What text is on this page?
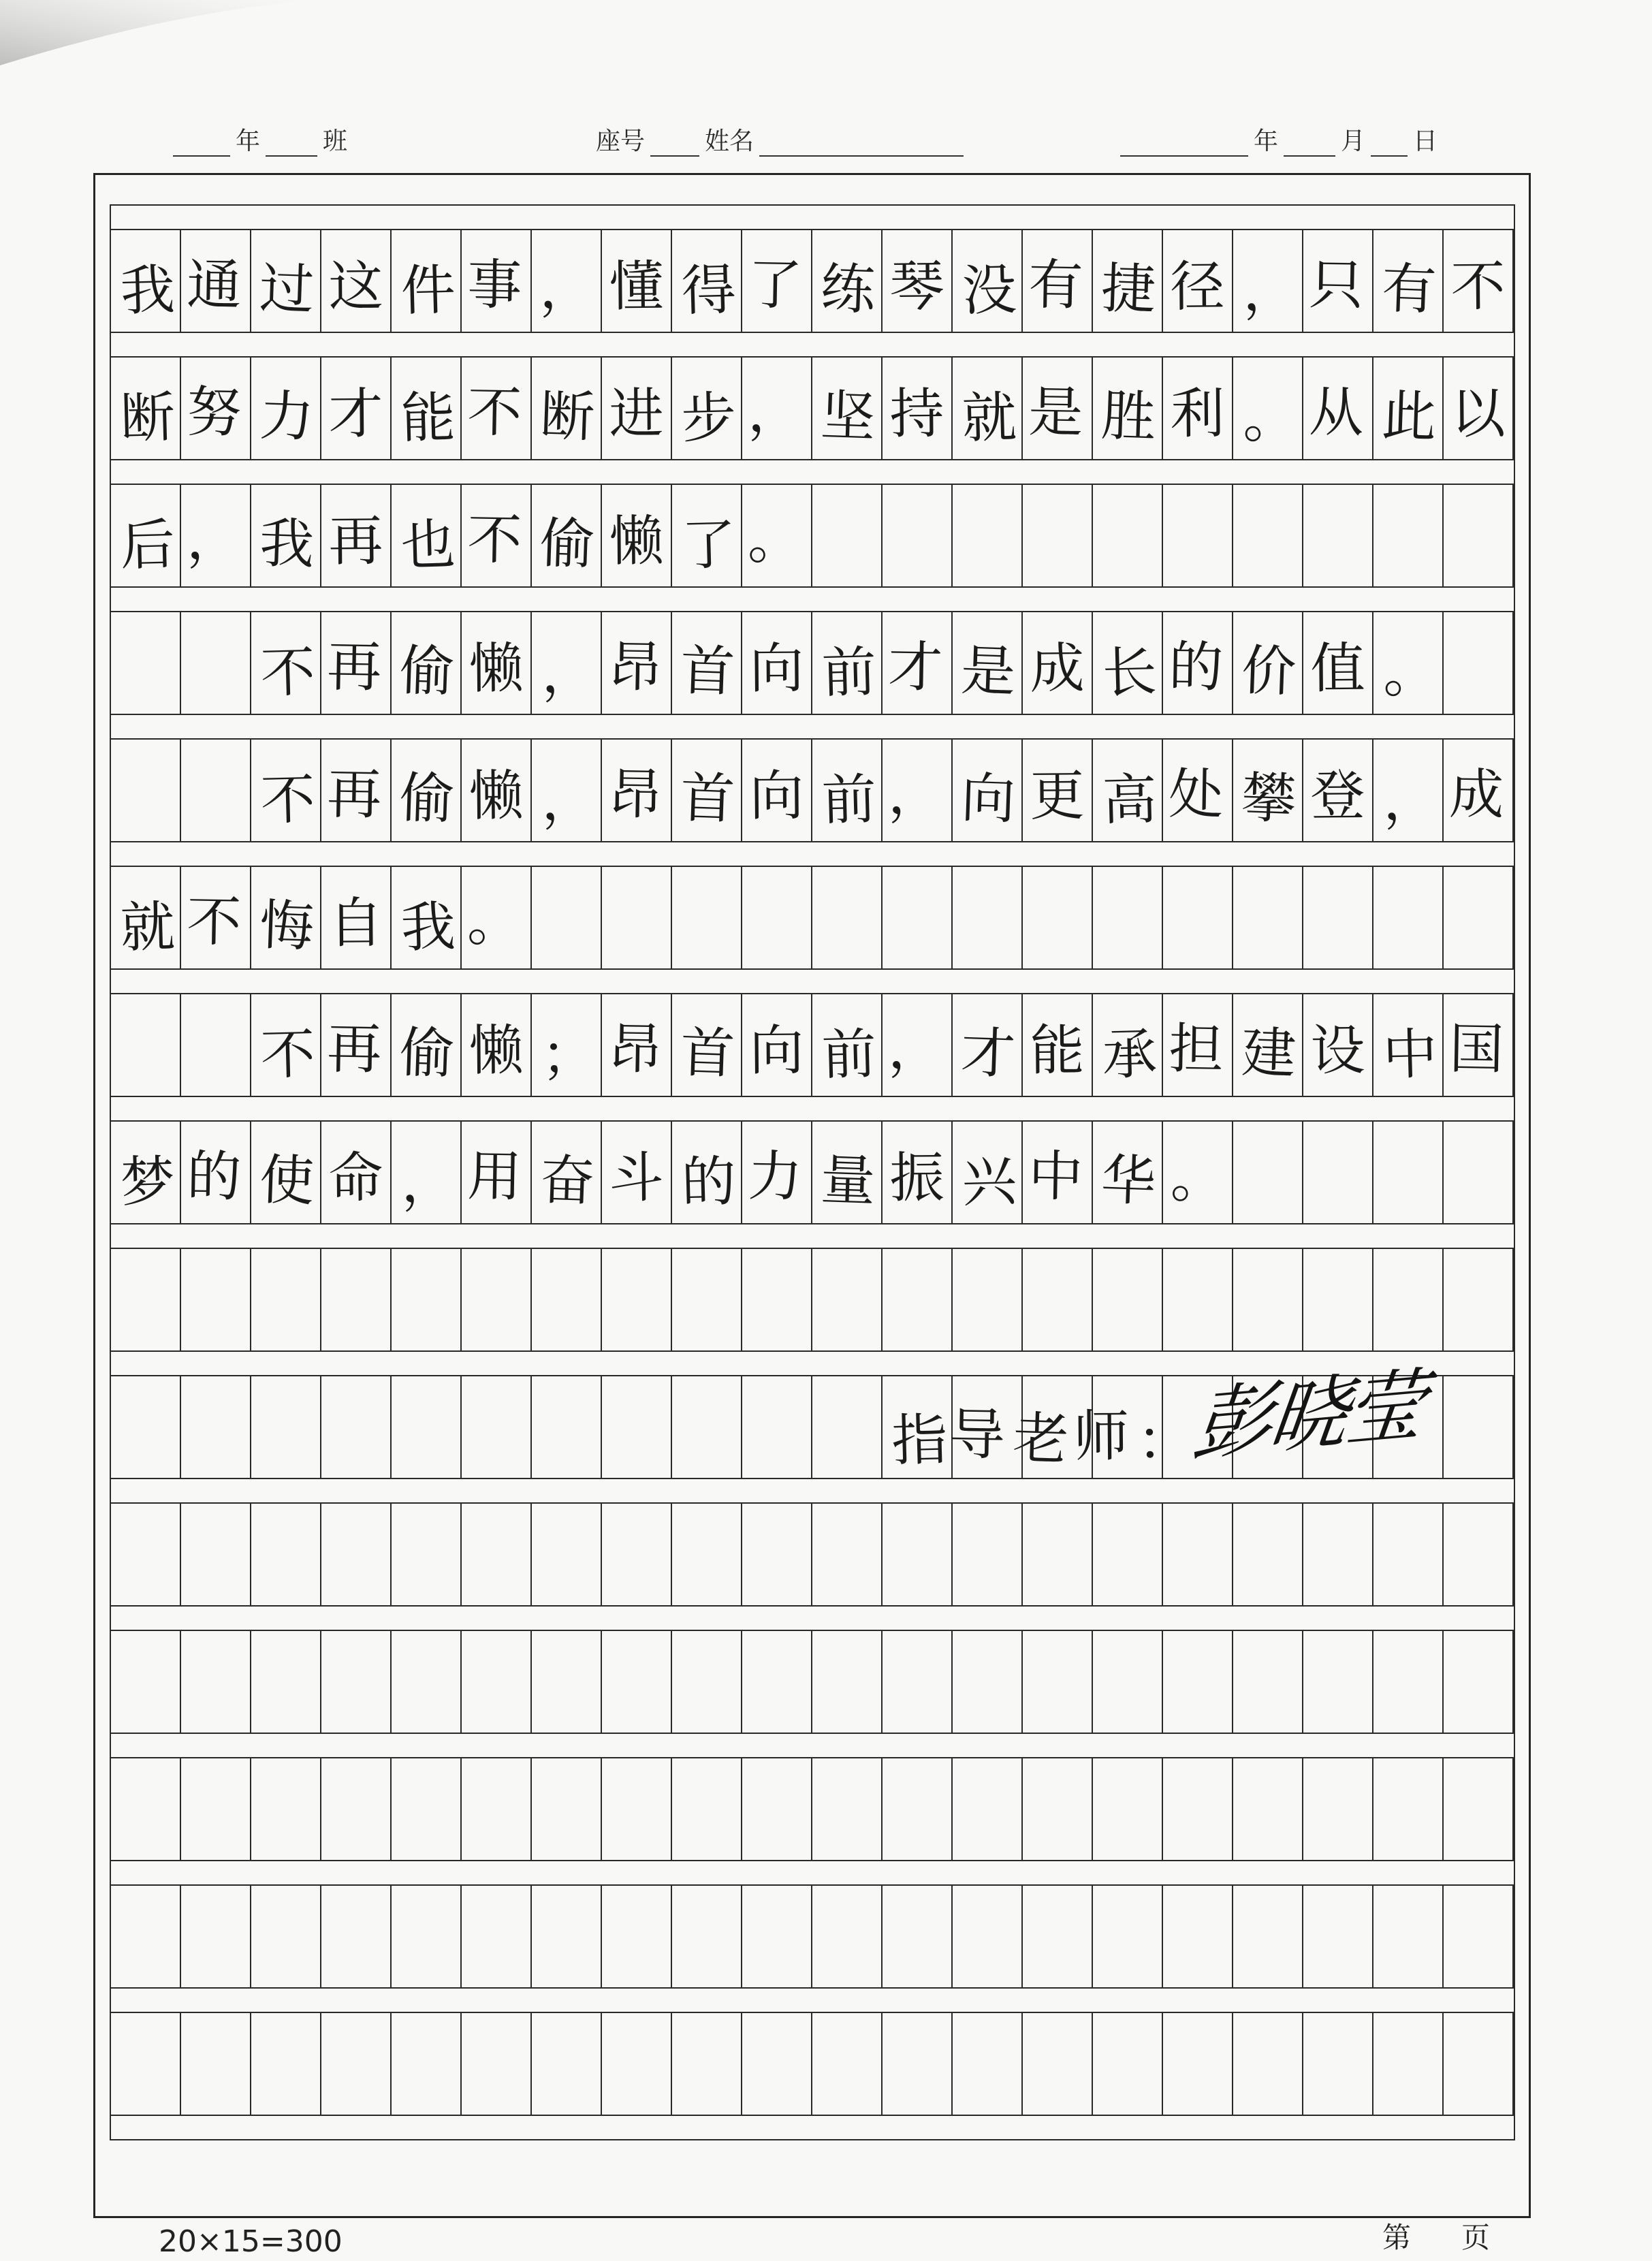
年	班	座号 姓名	年	月 日
我 通 过 这 件 事 ， 懂 得 了 练 琴 没 有 捷 径 ， 只 有 不
断 努 力 才 能 不 断 进 步 ， 坚 持 就 是 胜 利 。 从 此 以
后 ， 我 再 也 不 偷 懒 了 。
不 再 偷 懒 ， 昂 首 向 前 才 是 成 长 的 价 值 。
不 再 偷 懒 ， 昂 首 向 前 ， 向 更 高 处 攀 登 ， 成
就 不 悔 自 我 。
不 再 偷 懒 ； 昂 首 向 前 ， 才 能 承 担 建 设 中 国
梦 的 使 命 ， 用 奋 斗 的 力 量 振 兴 中 华 。
指 导 老 师 ：
彭晓莹
20×15=300	第 页
